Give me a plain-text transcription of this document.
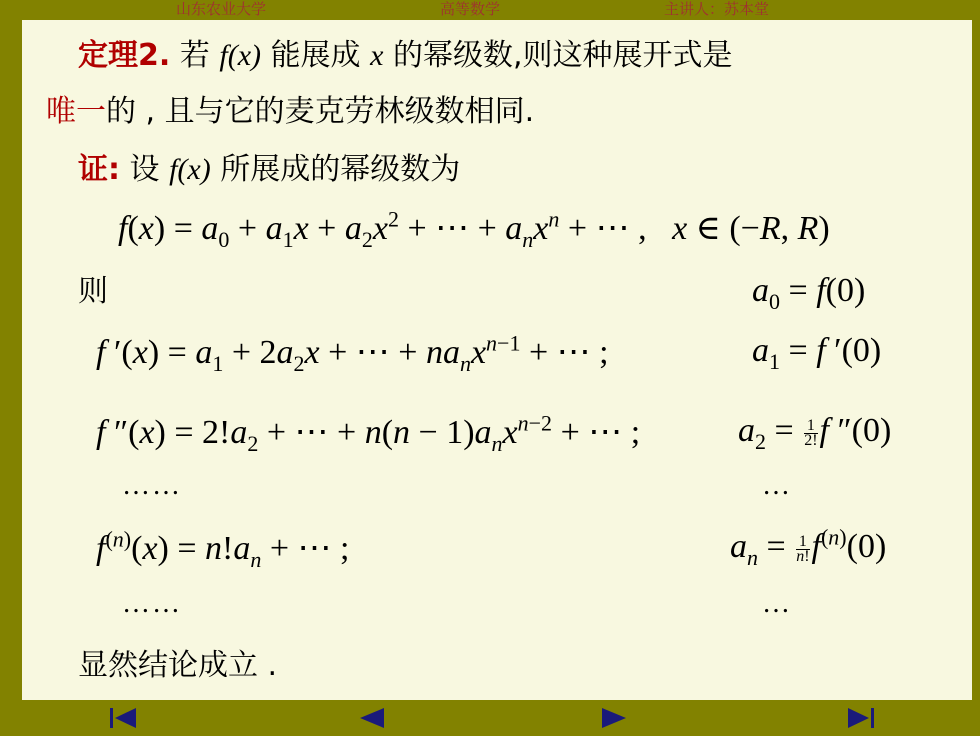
山东农业大学	高等数学	主讲人：苏本堂
定理2. 若 f(x) 能展成 x 的幂级数,则这种展开式是
唯一的 , 且与它的麦克劳林级数相同.
证: 设 f(x) 所展成的幂级数为
$f(x) = a_0 + a_1x + a_2x^2$ + ⋯ + $a_nx^n$ + ⋯ ,   x ∈ (−R, R)
则	$a_0 = f(0)$
f $'(x) = a_1 + 2a_2x$ + ⋯ + $na_nx^{n-1}$ + ⋯ ;	$a_1 = f$ ′(0)
f $''(x) = 2!a_2$ + ⋯ + $n(n - 1)a_nx^{n-2}$ + ⋯ ;	$a_2 = \frac{1}{2!}$ f ″(0)
……	…
$f^{(n)}(x) = n!a_n$ + ⋯ ;	$a_n = \frac{1}{n!} f^{(n)}(0)$
……	…
显然结论成立 .
